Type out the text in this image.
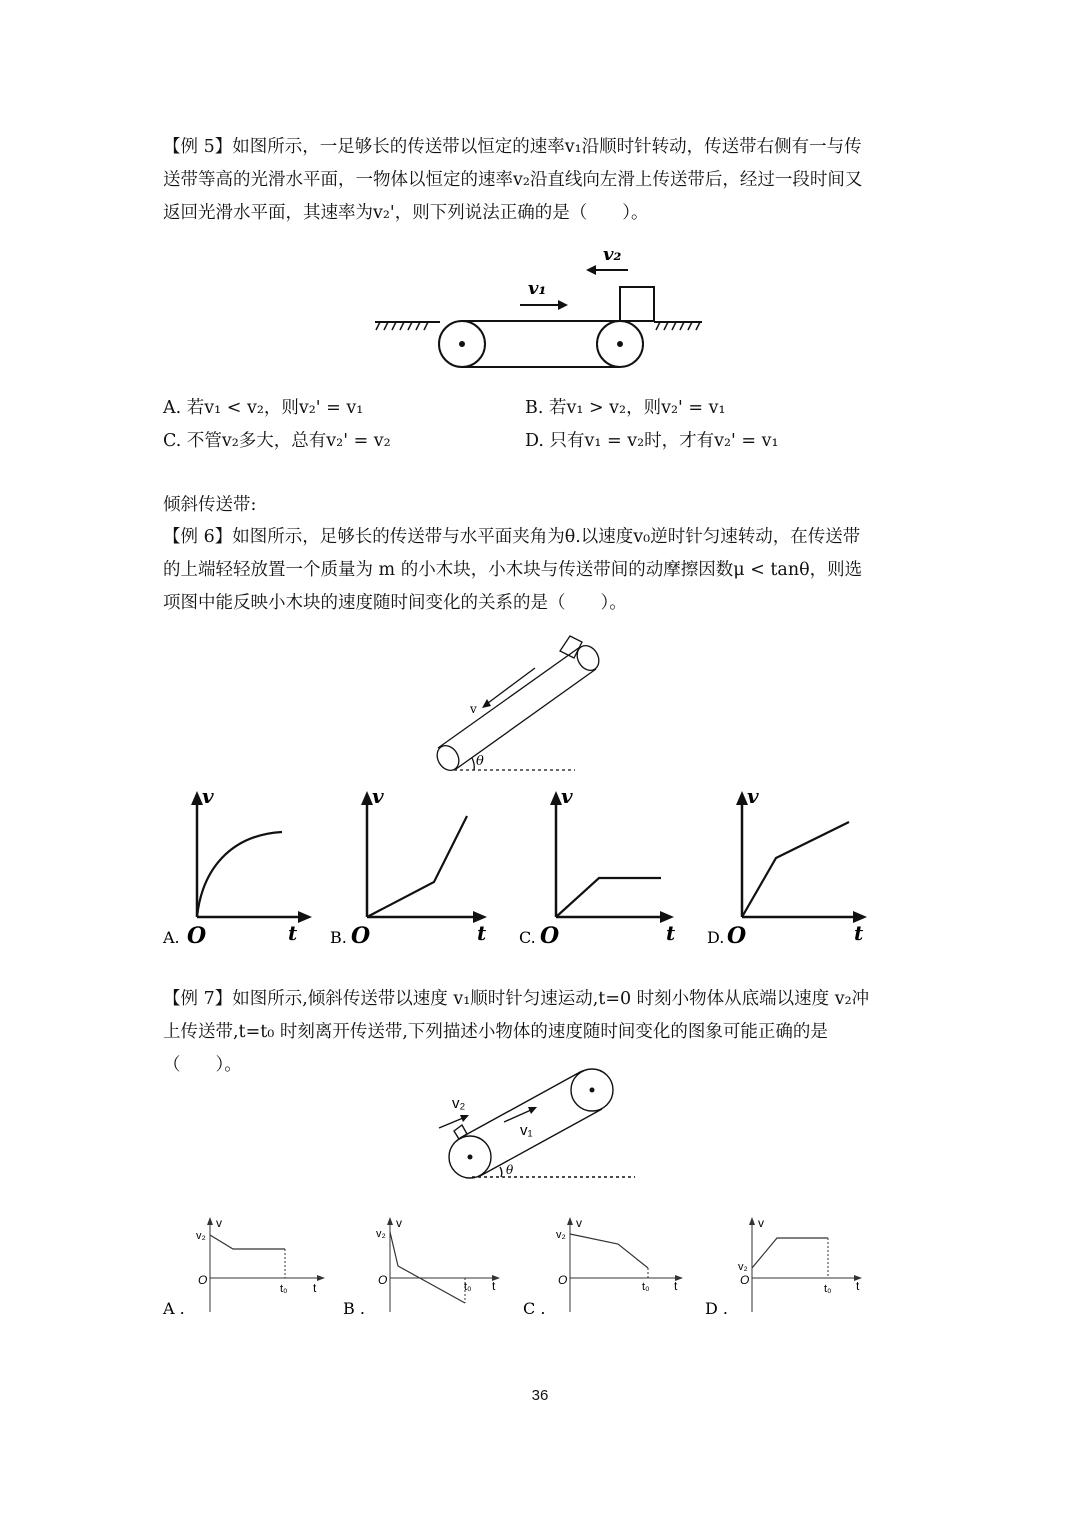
【例 5】如图所示，一足够长的传送带以恒定的速率v₁沿顺时针转动，传送带右侧有一与传
送带等高的光滑水平面，一物体以恒定的速率v₂沿直线向左滑上传送带后，经过一段时间又
返回光滑水平面，其速率为v₂'，则下列说法正确的是（　　）。

v₁
v₂
A. 若v₁ < v₂，则v₂' = v₁	B. 若v₁ > v₂，则v₂' = v₁
C. 不管v₂多大，总有v₂' = v₂	D. 只有v₁ = v₂时，才有v₂' = v₁
倾斜传送带:

【例 6】如图所示，足够长的传送带与水平面夹角为θ.以速度v₀逆时针匀速转动，在传送带
的上端轻轻放置一个质量为 m 的小木块，小木块与传送带间的动摩擦因数μ < tanθ，则选
项图中能反映小木块的速度随时间变化的关系的是（　　）。

v
θ
v
t
O
A.
v
t
O
B.
v
t
O
C.
v
t
O
D.

【例 7】如图所示,倾斜传送带以速度 v₁顺时针匀速运动,t=0 时刻小物体从底端以速度 v₂冲
上传送带,t=t₀ 时刻离开传送带,下列描述小物体的速度随时间变化的图象可能正确的是
（　　）。

v₂
v₁
θ
v
v₂
O
t₀ t
A .
v
v₂
O	t₀ t
B .
v
v₂
O	t₀ t
C .
v
v₂
O
t₀ t
D .
36
